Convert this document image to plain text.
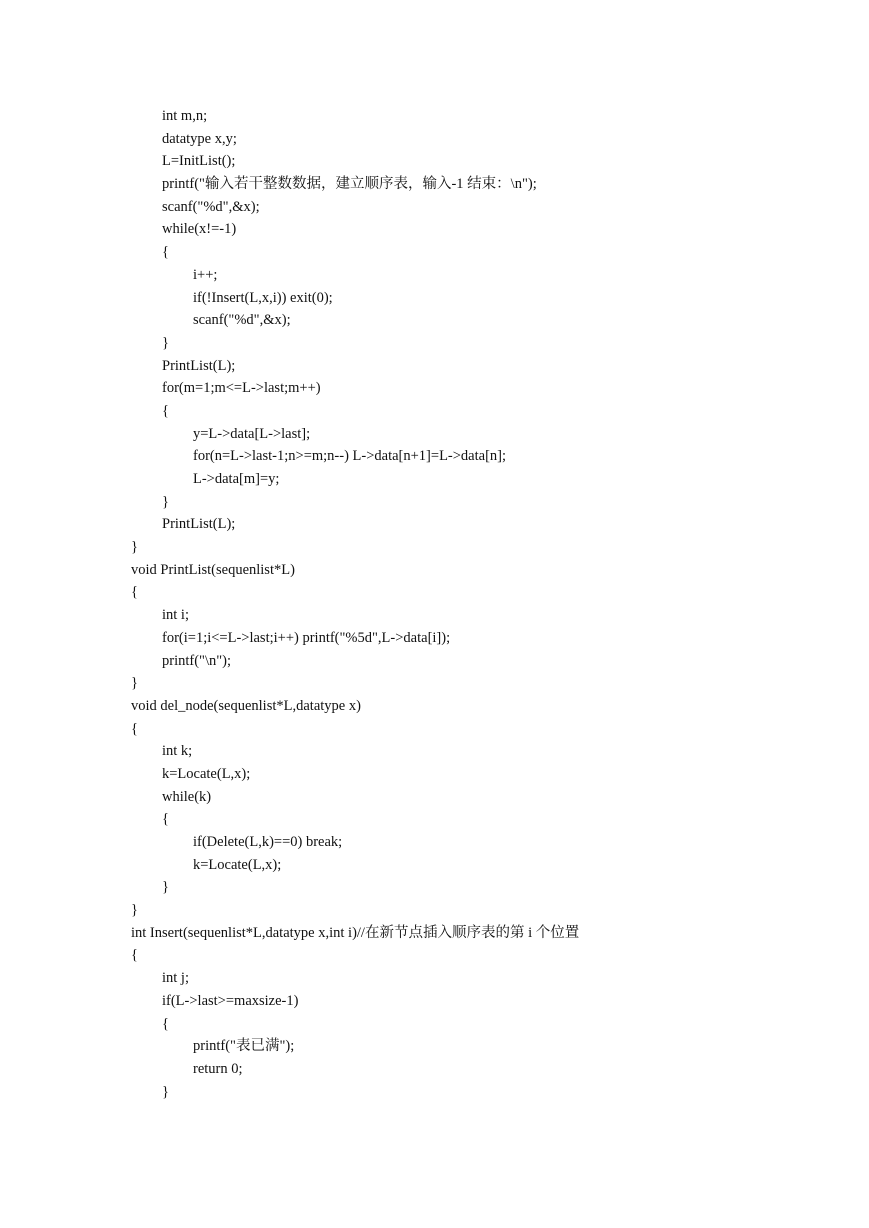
int m,n;
datatype x,y;
L=InitList();
printf("输入若干整数数据，建立顺序表，输入-1 结束：\n");
scanf("%d",&x);
while(x!=-1)
{
i++;
if(!Insert(L,x,i)) exit(0);
scanf("%d",&x);
}
PrintList(L);
for(m=1;m<=L->last;m++)
{
y=L->data[L->last];
for(n=L->last-1;n>=m;n--) L->data[n+1]=L->data[n];
L->data[m]=y;
}
PrintList(L);
}
void PrintList(sequenlist*L)
{
int i;
for(i=1;i<=L->last;i++) printf("%5d",L->data[i]);
printf("\n");
}
void del_node(sequenlist*L,datatype x)
{
int k;
k=Locate(L,x);
while(k)
{
if(Delete(L,k)==0) break;
k=Locate(L,x);
}
}
int Insert(sequenlist*L,datatype x,int i)//在新节点插入顺序表的第 i 个位置
{
int j;
if(L->last>=maxsize-1)
{
printf("表已满");
return 0;
}
